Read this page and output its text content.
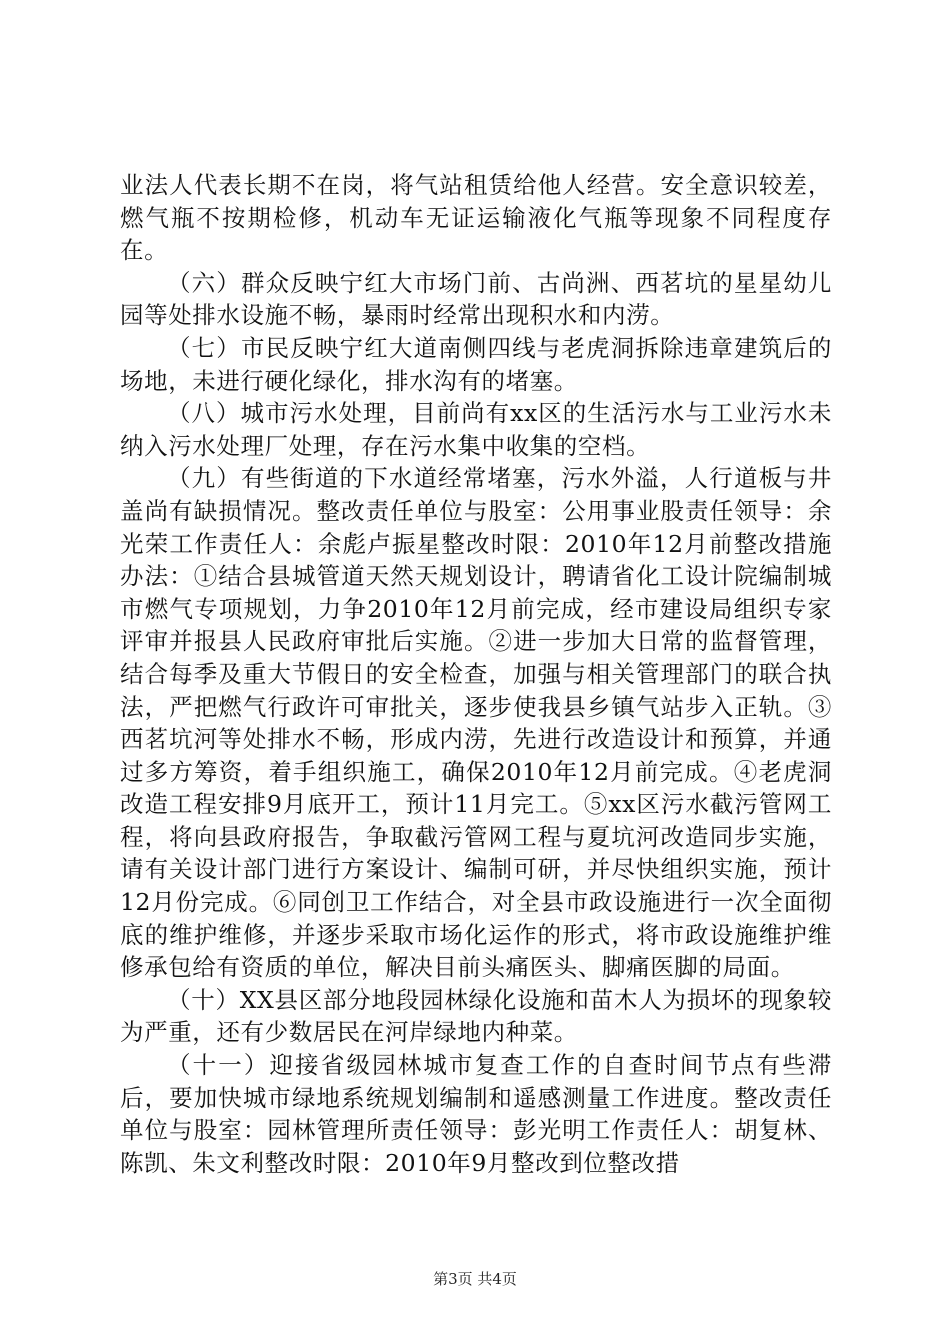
业法人代表长期不在岗，将气站租赁给他人经营。安全意识较差，燃气瓶不按期检修，机动车无证运输液化气瓶等现象不同程度存在。

（六）群众反映宁红大市场门前、古尚洲、西茗坑的星星幼儿园等处排水设施不畅，暴雨时经常出现积水和内涝。

（七）市民反映宁红大道南侧四线与老虎洞拆除违章建筑后的场地，未进行硬化绿化，排水沟有的堵塞。

（八）城市污水处理，目前尚有xx区的生活污水与工业污水未纳入污水处理厂处理，存在污水集中收集的空档。

（九）有些街道的下水道经常堵塞，污水外溢，人行道板与井盖尚有缺损情况。整改责任单位与股室：公用事业股责任领导：余光荣工作责任人：余彪卢振星整改时限：2010年12月前整改措施办法：①结合县城管道天然天规划设计，聘请省化工设计院编制城市燃气专项规划，力争2010年12月前完成，经市建设局组织专家评审并报县人民政府审批后实施。②进一步加大日常的监督管理，结合每季及重大节假日的安全检查，加强与相关管理部门的联合执法，严把燃气行政许可审批关，逐步使我县乡镇气站步入正轨。③西茗坑河等处排水不畅，形成内涝，先进行改造设计和预算，并通过多方筹资，着手组织施工，确保2010年12月前完成。④老虎洞改造工程安排9月底开工，预计11月完工。⑤xx区污水截污管网工程，将向县政府报告，争取截污管网工程与夏坑河改造同步实施，请有关设计部门进行方案设计、编制可研，并尽快组织实施，预计12月份完成。⑥同创卫工作结合，对全县市政设施进行一次全面彻底的维护维修，并逐步采取市场化运作的形式，将市政设施维护维修承包给有资质的单位，解决目前头痛医头、脚痛医脚的局面。

（十）XX县区部分地段园林绿化设施和苗木人为损坏的现象较为严重，还有少数居民在河岸绿地内种菜。

（十一）迎接省级园林城市复查工作的自查时间节点有些滞后，要加快城市绿地系统规划编制和遥感测量工作进度。整改责任单位与股室：园林管理所责任领导：彭光明工作责任人：胡复林、陈凯、朱文利整改时限：2010年9月整改到位整改措

第3页 共4页
